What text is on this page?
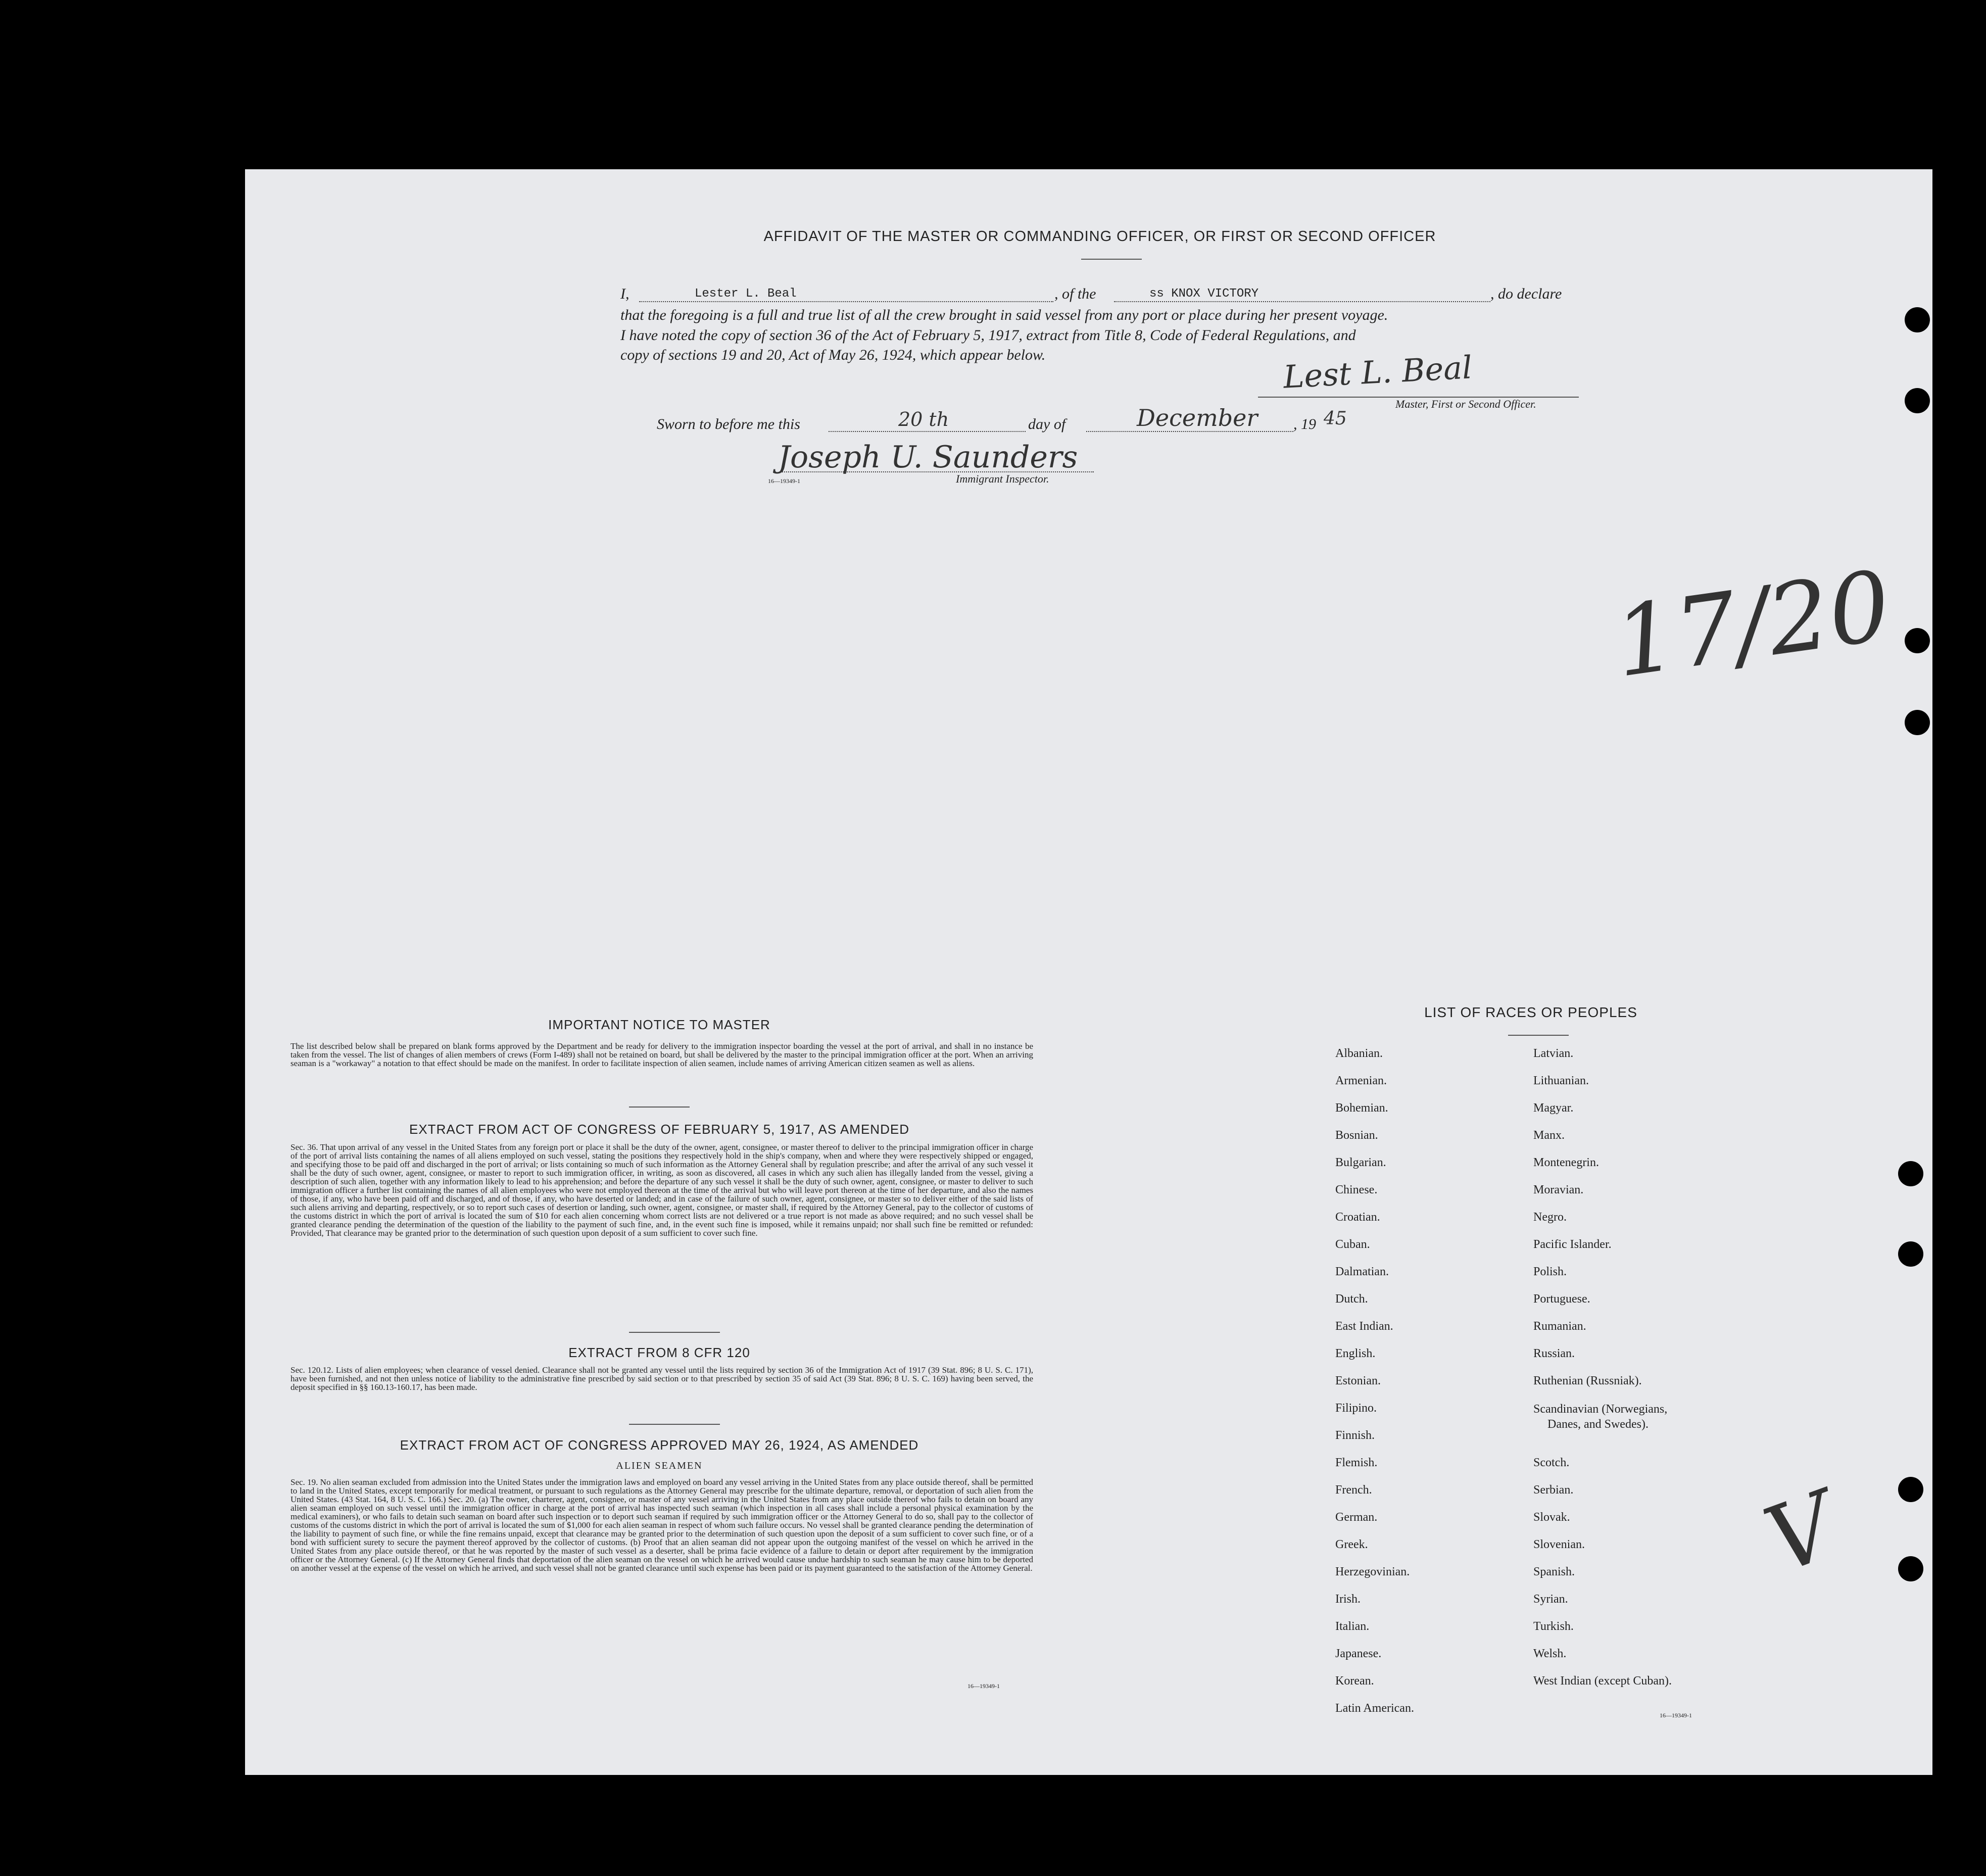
AFFIDAVIT OF THE MASTER OR COMMANDING OFFICER, OR FIRST OR SECOND OFFICER
I,	Lester L. Beal	, of the	ss KNOX VICTORY	, do declare
that the foregoing is a full and true list of all the crew brought in said vessel from any port or place during her present voyage.
I have noted the copy of section 36 of the Act of February 5, 1917, extract from Title 8, Code of Federal Regulations, and
copy of sections 19 and 20, Act of May 26, 1924, which appear below.	Lest L. Beal
Master, First or Second Officer.
Sworn to before me this	20 th	day of	December , 19 45
Joseph U. Saunders
Immigrant Inspector.
16—19349-1
17/20
V
IMPORTANT NOTICE TO MASTER
The list described below shall be prepared on blank forms approved by the Department and be ready for delivery to the immigration inspector boarding the vessel at the port of arrival, and shall in no instance be taken from the vessel. The list of changes of alien members of crews (Form I-489) shall not be retained on board, but shall be delivered by the master to the principal immigration officer at the port. When an arriving seaman is a "workaway" a notation to that effect should be made on the manifest. In order to facilitate inspection of alien seamen, include names of arriving American citizen seamen as well as aliens.
EXTRACT FROM ACT OF CONGRESS OF FEBRUARY 5, 1917, AS AMENDED
Sec. 36. That upon arrival of any vessel in the United States from any foreign port or place it shall be the duty of the owner, agent, consignee, or master thereof to deliver to the principal immigration officer in charge of the port of arrival lists containing the names of all aliens employed on such vessel, stating the positions they respectively hold in the ship's company, when and where they were respectively shipped or engaged, and specifying those to be paid off and discharged in the port of arrival; or lists containing so much of such information as the Attorney General shall by regulation prescribe; and after the arrival of any such vessel it shall be the duty of such owner, agent, consignee, or master to report to such immigration officer, in writing, as soon as discovered, all cases in which any such alien has illegally landed from the vessel, giving a description of such alien, together with any information likely to lead to his apprehension; and before the departure of any such vessel it shall be the duty of such owner, agent, consignee, or master to deliver to such immigration officer a further list containing the names of all alien employees who were not employed thereon at the time of the arrival but who will leave port thereon at the time of her departure, and also the names of those, if any, who have been paid off and discharged, and of those, if any, who have deserted or landed; and in case of the failure of such owner, agent, consignee, or master so to deliver either of the said lists of such aliens arriving and departing, respectively, or so to report such cases of desertion or landing, such owner, agent, consignee, or master shall, if required by the Attorney General, pay to the collector of customs of the customs district in which the port of arrival is located the sum of $10 for each alien concerning whom correct lists are not delivered or a true report is not made as above required; and no such vessel shall be granted clearance pending the determination of the question of the liability to the payment of such fine, and, in the event such fine is imposed, while it remains unpaid; nor shall such fine be remitted or refunded: Provided, That clearance may be granted prior to the determination of such question upon deposit of a sum sufficient to cover such fine.
EXTRACT FROM 8 CFR 120
Sec. 120.12. Lists of alien employees; when clearance of vessel denied. Clearance shall not be granted any vessel until the lists required by section 36 of the Immigration Act of 1917 (39 Stat. 896; 8 U. S. C. 171), have been furnished, and not then unless notice of liability to the administrative fine prescribed by said section or to that prescribed by section 35 of said Act (39 Stat. 896; 8 U. S. C. 169) having been served, the deposit specified in §§ 160.13-160.17, has been made.
EXTRACT FROM ACT OF CONGRESS APPROVED MAY 26, 1924, AS AMENDED
ALIEN SEAMEN
Sec. 19. No alien seaman excluded from admission into the United States under the immigration laws and employed on board any vessel arriving in the United States from any place outside thereof, shall be permitted to land in the United States, except temporarily for medical treatment, or pursuant to such regulations as the Attorney General may prescribe for the ultimate departure, removal, or deportation of such alien from the United States. (43 Stat. 164, 8 U. S. C. 166.) Sec. 20. (a) The owner, charterer, agent, consignee, or master of any vessel arriving in the United States from any place outside thereof who fails to detain on board any alien seaman employed on such vessel until the immigration officer in charge at the port of arrival has inspected such seaman (which inspection in all cases shall include a personal physical examination by the medical examiners), or who fails to detain such seaman on board after such inspection or to deport such seaman if required by such immigration officer or the Attorney General to do so, shall pay to the collector of customs of the customs district in which the port of arrival is located the sum of $1,000 for each alien seaman in respect of whom such failure occurs. No vessel shall be granted clearance pending the determination of the liability to payment of such fine, or while the fine remains unpaid, except that clearance may be granted prior to the determination of such question upon the deposit of a sum sufficient to cover such fine, or of a bond with sufficient surety to secure the payment thereof approved by the collector of customs. (b) Proof that an alien seaman did not appear upon the outgoing manifest of the vessel on which he arrived in the United States from any place outside thereof, or that he was reported by the master of such vessel as a deserter, shall be prima facie evidence of a failure to detain or deport after requirement by the immigration officer or the Attorney General. (c) If the Attorney General finds that deportation of the alien seaman on the vessel on which he arrived would cause undue hardship to such seaman he may cause him to be deported on another vessel at the expense of the vessel on which he arrived, and such vessel shall not be granted clearance until such expense has been paid or its payment guaranteed to the satisfaction of the Attorney General.
16—19349-1
LIST OF RACES OR PEOPLES
Albanian.
Armenian.
Bohemian.
Bosnian.
Bulgarian.
Chinese.
Croatian.
Cuban.
Dalmatian.
Dutch.
East Indian.
English.
Estonian.
Filipino.
Finnish.
Flemish.
French.
German.
Greek.
Herzegovinian.
Irish.
Italian.
Japanese.
Korean.
Latin American.
Latvian.
Lithuanian.
Magyar.
Manx.
Montenegrin.
Moravian.
Negro.
Pacific Islander.
Polish.
Portuguese.
Rumanian.
Russian.
Ruthenian (Russniak).
Scandinavian (Norwegians,
Danes, and Swedes).
Scotch.
Serbian.
Slovak.
Slovenian.
Spanish.
Syrian.
Turkish.
Welsh.
West Indian (except Cuban).
16—19349-1
